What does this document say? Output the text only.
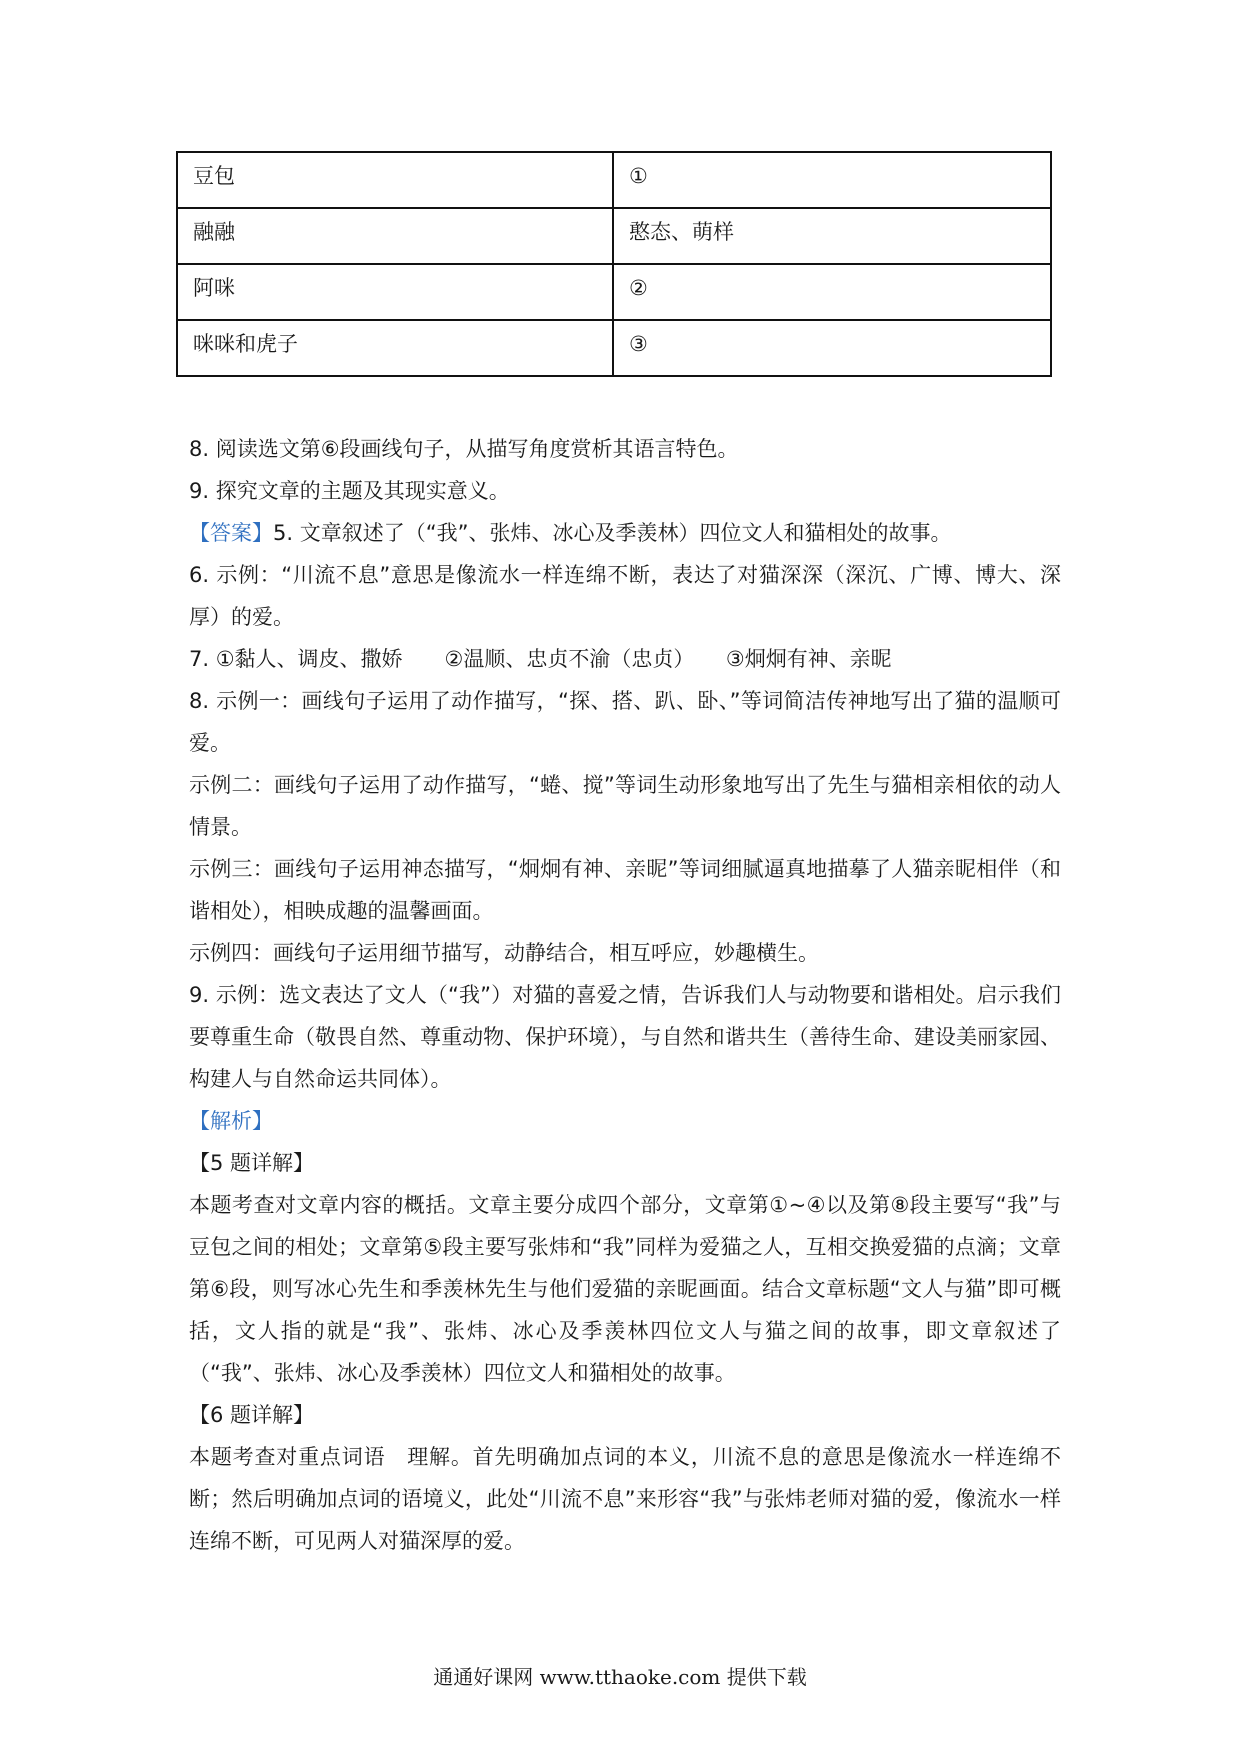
豆包	①
融融	憨态、萌样
阿咪	②
咪咪和虎子	③

8. 阅读选文第⑥段画线句子，从描写角度赏析其语言特色。

9. 探究文章的主题及其现实意义。

【答案】5. 文章叙述了（“我”、张炜、冰心及季羡林）四位文人和猫相处的故事。

6. 示例：“川流不息”意思是像流水一样连绵不断，表达了对猫深深（深沉、广博、博大、深厚）的爱。

7. ①黏人、调皮、撒娇　　②温顺、忠贞不渝（忠贞）　　③炯炯有神、亲昵

8. 示例一：画线句子运用了动作描写，“探、搭、趴、卧、”等词简洁传神地写出了猫的温顺可爱。

示例二：画线句子运用了动作描写，“蜷、搅”等词生动形象地写出了先生与猫相亲相依的动人情景。

示例三：画线句子运用神态描写，“炯炯有神、亲昵”等词细腻逼真地描摹了人猫亲昵相伴（和谐相处），相映成趣的温馨画面。

示例四：画线句子运用细节描写，动静结合，相互呼应，妙趣横生。

9. 示例：选文表达了文人（“我”）对猫的喜爱之情，告诉我们人与动物要和谐相处。启示我们要尊重生命（敬畏自然、尊重动物、保护环境），与自然和谐共生（善待生命、建设美丽家园、构建人与自然命运共同体）。

【解析】

【5 题详解】

本题考查对文章内容的概括。文章主要分成四个部分，文章第①~④以及第⑧段主要写“我”与豆包之间的相处；文章第⑤段主要写张炜和“我”同样为爱猫之人，互相交换爱猫的点滴；文章第⑥段，则写冰心先生和季羡林先生与他们爱猫的亲昵画面。结合文章标题“文人与猫”即可概括，文人指的就是“我”、张炜、冰心及季羡林四位文人与猫之间的故事，即文章叙述了（“我”、张炜、冰心及季羡林）四位文人和猫相处的故事。

【6 题详解】

本题考查对重点词语　理解。首先明确加点词的本义，川流不息的意思是像流水一样连绵不断；然后明确加点词的语境义，此处“川流不息”来形容“我”与张炜老师对猫的爱，像流水一样连绵不断，可见两人对猫深厚的爱。

通通好课网 www.tthaoke.com 提供下载
